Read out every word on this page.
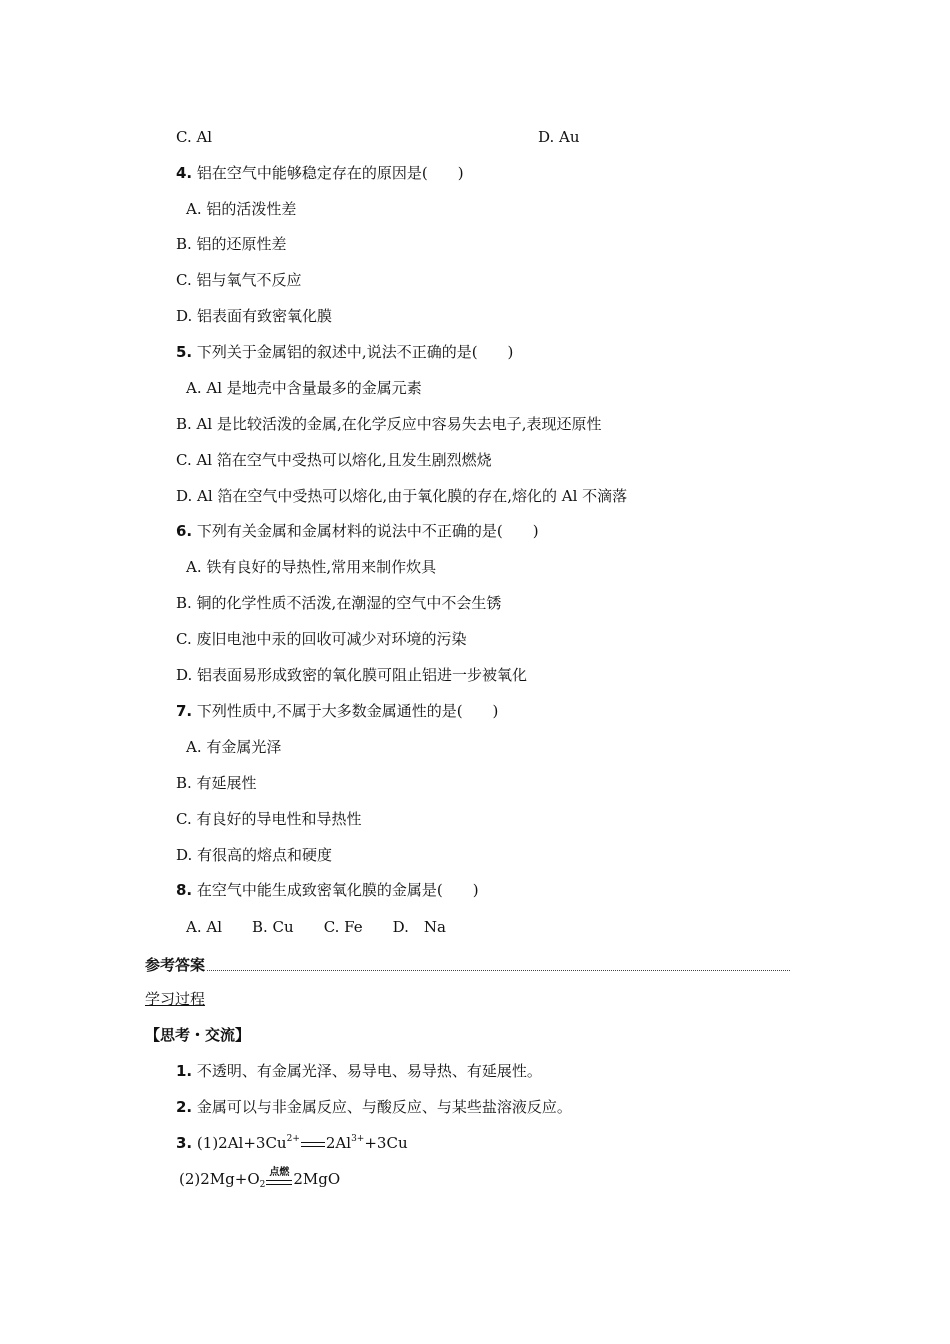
C. Al	D. Au
4. 铝在空气中能够稳定存在的原因是(　　)
A. 铝的活泼性差
B. 铝的还原性差
C. 铝与氧气不反应
D. 铝表面有致密氧化膜
5. 下列关于金属铝的叙述中,说法不正确的是(　　)
A. Al 是地壳中含量最多的金属元素
B. Al 是比较活泼的金属,在化学反应中容易失去电子,表现还原性
C. Al 箔在空气中受热可以熔化,且发生剧烈燃烧
D. Al 箔在空气中受热可以熔化,由于氧化膜的存在,熔化的 Al 不滴落
6. 下列有关金属和金属材料的说法中不正确的是(　　)
A. 铁有良好的导热性,常用来制作炊具
B. 铜的化学性质不活泼,在潮湿的空气中不会生锈
C. 废旧电池中汞的回收可减少对环境的污染
D. 铝表面易形成致密的氧化膜可阻止铝进一步被氧化
7. 下列性质中,不属于大多数金属通性的是(　　)
A. 有金属光泽
B. 有延展性
C. 有良好的导电性和导热性
D. 有很高的熔点和硬度
8. 在空气中能生成致密氧化膜的金属是(　　)
A. Al　　B. Cu　　C. Fe　　D.　Na
参考答案
学习过程
【思考・交流】
1. 不透明、有金属光泽、易导电、易导热、有延展性。
2. 金属可以与非金属反应、与酸反应、与某些盐溶液反应。
3. $(1)2Al+3Cu^{2+}$ $2Al^{3+}+3Cu$
$(2)2Mg+O_2$
点燃 2MgO
